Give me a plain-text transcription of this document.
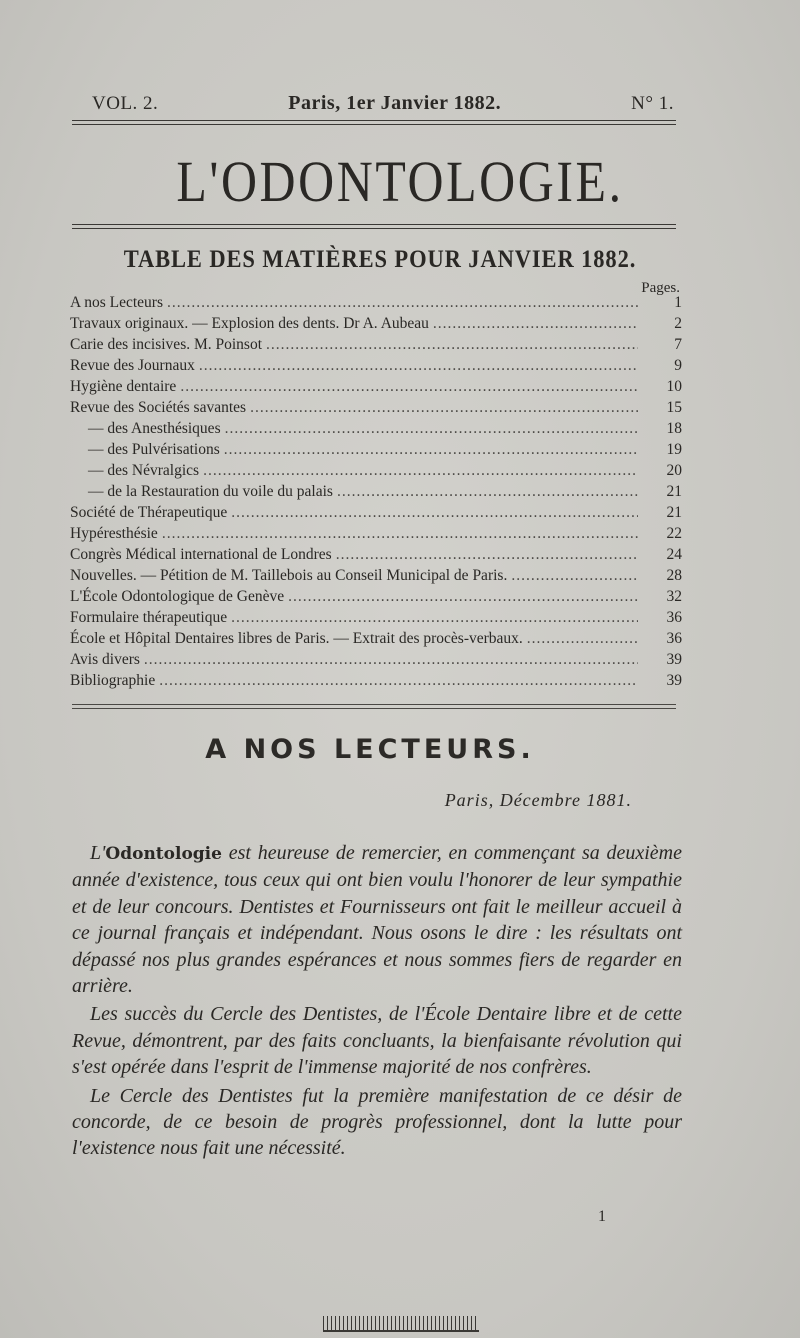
VOL. 2.	Paris, 1er Janvier 1882.	N° 1.
L'ODONTOLOGIE.
TABLE DES MATIÈRES POUR JANVIER 1882.
Pages.
A nos Lecteurs .....	1
Travaux originaux. — Explosion des dents. Dr A. Aubeau .....	2
Carie des incisives. M. Poinsot .....	7
Revue des Journaux .....	9
Hygiène dentaire .....	10
Revue des Sociétés savantes .....	15
— des Anesthésiques .....	18
— des Pulvérisations .....	19
— des Névralgics .....	20
— de la Restauration du voile du palais .....	21
Société de Thérapeutique .....	21
Hypéresthésie .....	22
Congrès Médical international de Londres .....	24
Nouvelles. — Pétition de M. Taillebois au Conseil Municipal de Paris. .....	28
L'École Odontologique de Genève .....	32
Formulaire thérapeutique .....	36
École et Hôpital Dentaires libres de Paris. — Extrait des procès-verbaux. .....	36
Avis divers .....	39
Bibliographie .....	39
A NOS LECTEURS.
Paris, Décembre 1881.

L'Odontologie est heureuse de remercier, en commençant sa deuxième année d'existence, tous ceux qui ont bien voulu l'honorer de leur sympathie et de leur concours. Dentistes et Fournisseurs ont fait le meilleur accueil à ce journal français et indépendant. Nous osons le dire : les résultats ont dépassé nos plus grandes espérances et nous sommes fiers de regarder en arrière.

Les succès du Cercle des Dentistes, de l'École Dentaire libre et de cette Revue, démontrent, par des faits concluants, la bienfaisante révolution qui s'est opérée dans l'esprit de l'immense majorité de nos confrères.

Le Cercle des Dentistes fut la première manifestation de ce désir de concorde, de ce besoin de progrès professionnel, dont la lutte pour l'existence nous fait une nécessité.

1
